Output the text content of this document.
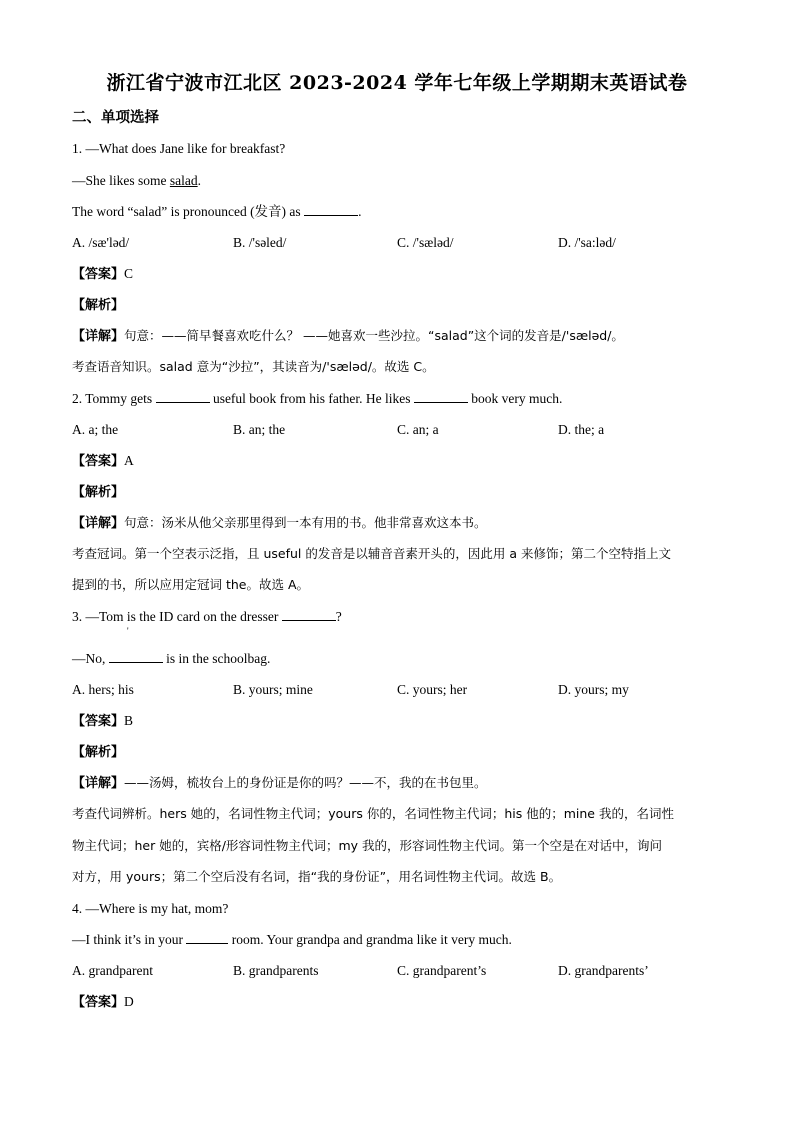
浙江省宁波市江北区 2023-2024 学年七年级上学期期末英语试卷
二、单项选择
1. —What does Jane like for breakfast?
—She likes some salad.
The word “salad” is pronounced (发音) as	.
A. /sæ'ləd/	B. /'səled/	C. /'sæləd/	D. /'sa:ləd/
【答案】C
【解析】
【详解】句意：——简早餐喜欢吃什么？ ——她喜欢一些沙拉。“salad”这个词的发音是/'sæləd/。
考查语音知识。salad 意为“沙拉”，其读音为/'sæləd/。故选 C。
2. Tommy gets	useful book from his father. He likes	book very much.
A. a; the	B. an; the	C. an; a	D. the; a
【答案】A
【解析】
【详解】句意：汤米从他父亲那里得到一本有用的书。他非常喜欢这本书。
考查冠词。第一个空表示泛指，且 useful 的发音是以辅音音素开头的，因此用 a 来修饰；第二个空特指上文
提到的书，所以应用定冠词 the。故选 A。
3. —Tom is the ID card on the dresser	?
'
—No,	is in the schoolbag.
A. hers; his	B. yours; mine	C. yours; her	D. yours; my
【答案】B
【解析】
【详解】——汤姆，梳妆台上的身份证是你的吗？——不，我的在书包里。
考查代词辨析。hers 她的，名词性物主代词；yours 你的，名词性物主代词；his 他的；mine 我的，名词性
物主代词；her 她的，宾格/形容词性物主代词；my 我的，形容词性物主代词。第一个空是在对话中，询问
对方，用 yours；第二个空后没有名词，指“我的身份证”，用名词性物主代词。故选 B。
4. —Where is my hat, mom?
—I think it’s in your	room. Your grandpa and grandma like it very much.
A. grandparent	B. grandparents	C. grandparent’s	D. grandparents’
【答案】D
